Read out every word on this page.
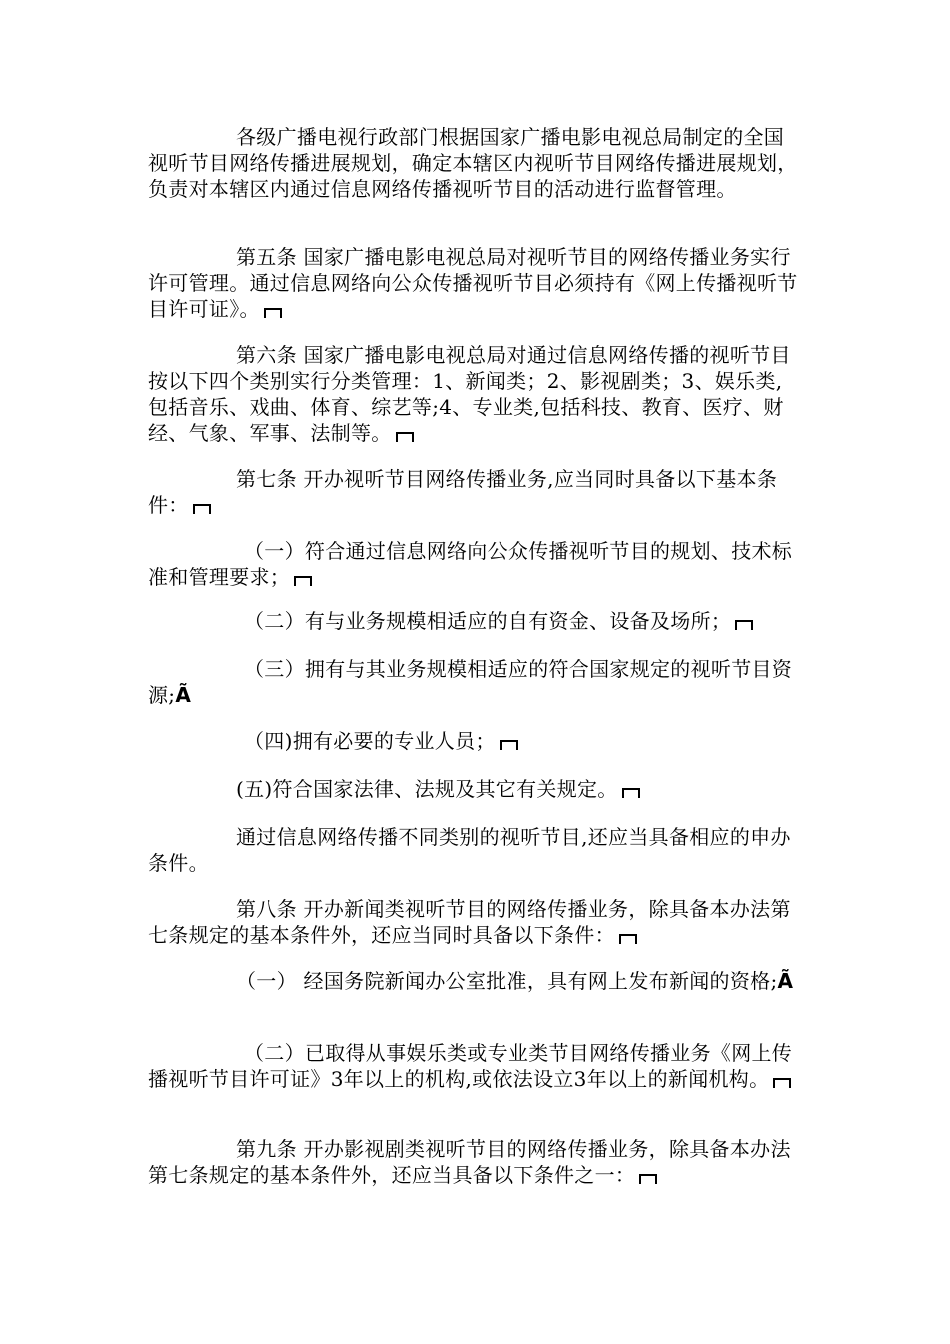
各级广播电视行政部门根据国家广播电影电视总局制定的全国视听节目网络传播进展规划，确定本辖区内视听节目网络传播进展规划，负责对本辖区内通过信息网络传播视听节目的活动进行监督管理。

第五条 国家广播电影电视总局对视听节目的网络传播业务实行许可管理。通过信息网络向公众传播视听节目必须持有《网上传播视听节目许可证》。

第六条 国家广播电影电视总局对通过信息网络传播的视听节目按以下四个类别实行分类管理：1、新闻类；2、影视剧类；3、娱乐类,包括音乐、戏曲、体育、综艺等;4、专业类,包括科技、教育、医疗、财经、气象、军事、法制等。

第七条 开办视听节目网络传播业务,应当同时具备以下基本条件：

（一）符合通过信息网络向公众传播视听节目的规划、技术标准和管理要求；

（二）有与业务规模相适应的自有资金、设备及场所；

（三）拥有与其业务规模相适应的符合国家规定的视听节目资源;Ã

（四)拥有必要的专业人员；

(五)符合国家法律、法规及其它有关规定。

通过信息网络传播不同类别的视听节目,还应当具备相应的申办条件。

第八条 开办新闻类视听节目的网络传播业务，除具备本办法第七条规定的基本条件外，还应当同时具备以下条件：

（一） 经国务院新闻办公室批准，具有网上发布新闻的资格;Ã

（二）已取得从事娱乐类或专业类节目网络传播业务《网上传播视听节目许可证》3年以上的机构,或依法设立3年以上的新闻机构。

第九条 开办影视剧类视听节目的网络传播业务，除具备本办法第七条规定的基本条件外，还应当具备以下条件之一：
